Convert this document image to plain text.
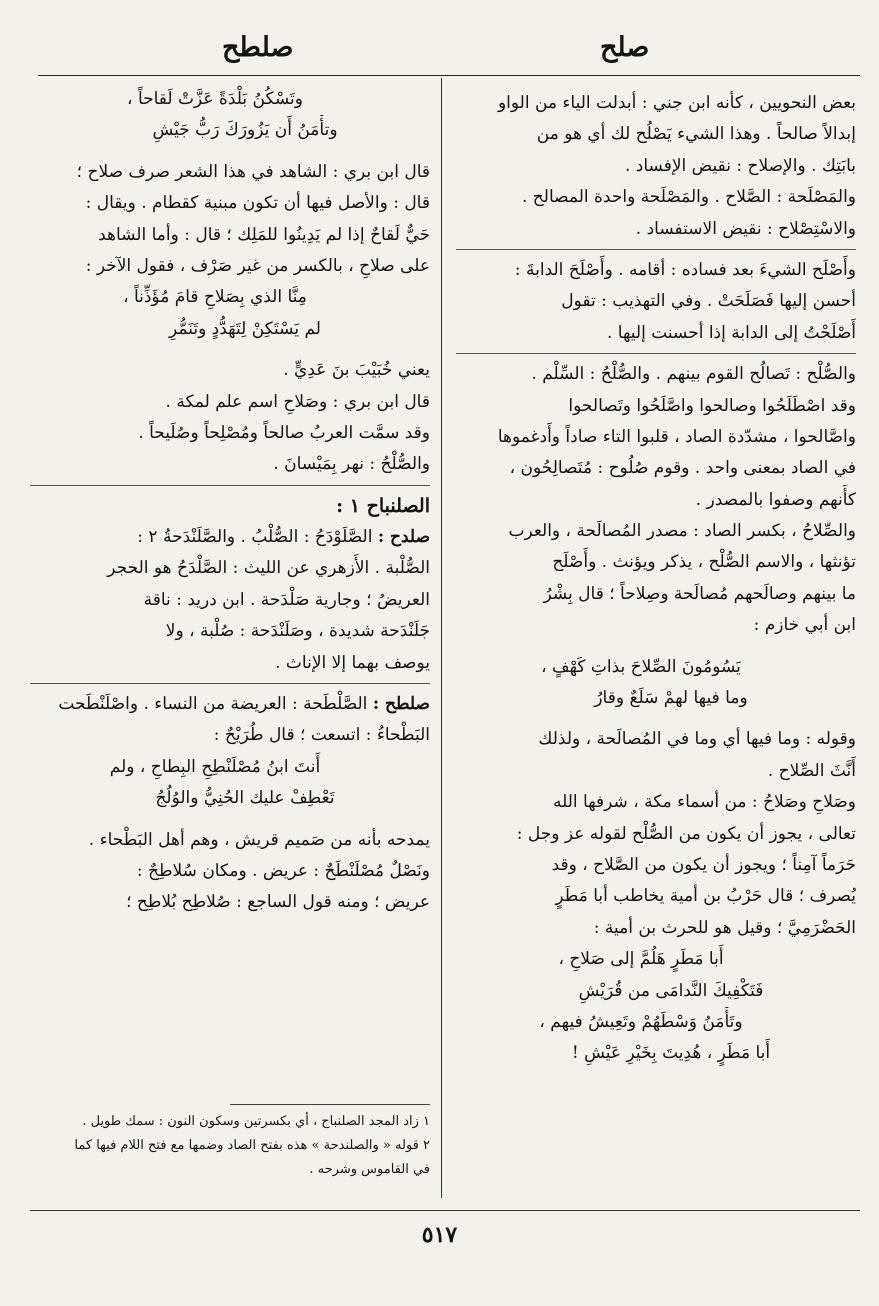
صلح
صلطح
بعض النحويين ، كأنه ابن جني : أبدلت الياء من الواو
إبدالاً صالحاً . وهذا الشيء يَصْلُح لك أي هو من
بابَتِك . والإصلاح : نقيض الإفساد .
والمَصْلَحة : الصَّلاح . والمَصْلَحة واحدة المصالح .
والاسْتِصْلاح : نقيض الاستفساد .
وأَصْلَح الشيءَ بعد فساده : أقامه . وأَصْلَحَ الدابةَ :
أحسن إليها فَصَلَحَتْ . وفي التهذيب : تقول
أَصْلَحْتُ إلى الدابة إذا أحسنت إليها .
والصُّلْح : تَصالُح القوم بينهم . والصُّلْحُ : السِّلْم .
وقد اصْطَلَحُوا وصالحوا واصَّلَحُوا وتَصالحوا
واصَّالحوا ، مشدّدة الصاد ، قلبوا التاء صاداً وأَدغموها
في الصاد بمعنى واحد . وقوم صُلُوح : مُتَصالِحُون ،
كأَنهم وصفوا بالمصدر .
والصِّلاحُ ، بكسر الصاد : مصدر المُصالَحة ، والعرب
تؤنثها ، والاسم الصُّلْح ، يذكر ويؤنث . وأَصْلَح
ما بينهم وصالَحهم مُصالَحة وصِلاحاً ؛ قال بِشْرُ
ابن أبي خازم :
يَسُومُونَ الصِّلاحَ بذاتِ كَهْفٍ ،
وما فيها لهمْ سَلَعٌ وقارُ
وقوله : وما فيها أي وما في المُصالَحة ، ولذلك
أَنَّثَ الصِّلاح .
وصَلاحِ وصَلاحُ : من أسماء مكة ، شرفها الله
تعالى ، يجوز أن يكون من الصُّلْح لقوله عز وجل :
حَرَماً آمِناً ؛ ويجوز أن يكون من الصَّلاح ، وقد
يُصرف ؛ قال حَرْبُ بن أمية يخاطب أبا مَطَرٍ
الحَضْرَمِيَّ ؛ وقيل هو للحرث بن أمية :
أَبا مَطَرٍ هَلُمَّ إلى صَلاحِ ،
فَتَكْفِيكَ النَّدامَى من قُرَيْشِ
وتَأْمَنُ وَسْطَهُمْ وتَعِيشُ فيهم ،
أَبا مَطَرٍ ، هُدِيتَ بِخَيْرِ عَيْشِ !
وتَسْكُنُ بَلْدَةً عَزَّتْ لَقاحاً ،
وتأْمَنُ أَن يَزُورَكَ رَبُّ جَيْشِ
قال ابن بري : الشاهد في هذا الشعر صرف صلاح ؛
قال : والأصل فيها أن تكون مبنية كقطام . ويقال :
حَيٌّ لَقاحٌ إذا لم يَدِينُوا للمَلِك ؛ قال : وأما الشاهد
على صلاحِ ، بالكسر من غير صَرْف ، فقول الآخر :
مِنَّا الذي بِصَلاحِ قامَ مُؤَذِّناً ،
لم يَسْتَكِنْ لِتَهَدُّدٍ وتَنَمُّرِ
يعني خُبَيْبَ بنَ عَدِيٍّ .
قال ابن بري : وصَلاحِ اسم علم لمكة .
وقد سمَّت العربُ صالحاً ومُصْلِحاً وصُلَيحاً .
والصُّلْحُ : نهر بِمَيْسانَ .
الصلنباح ١ :
صلدح : الصَّلَوْدَحُ : الصُّلْبُ . والصَّلَنْدَحةُ ٢ :
الصُّلْبة . الأَزهري عن الليث : الصَّلْدَحُ هو الحجر
العريضُ ؛ وجارية صَلْدَحة . ابن دريد : ناقة
جَلَنْدَحة شديدة ، وصَلَنْدَحة : صُلْبة ، ولا
يوصف بهما إلا الإناث .
صلطح : الصَّلْطَحة : العريضة من النساء . واصْلَنْطَحت
البَطْحاءُ : اتسعت ؛ قال طُرَيْحٌ :
أَنتَ ابنُ مُصْلَنْطِحِ البِطاحِ ، ولم
تَعْطِفْ عليك الحُنِيُّ والوُلُجُ
يمدحه بأنه من صَميم قريش ، وهم أهل البَطْحاء .
ونَصْلٌ مُصْلَنْطَحٌ : عريض . ومكان سُلاطِحٌ :
عريض ؛ ومنه قول الساجع : صُلاطِح بُلاطِح ؛
١ زاد المجد الصلنباح ، أي بكسرتين وسكون النون : سمك طويل .
٢ قوله « والصلندحة » هذه بفتح الصاد وضمها مع فتح اللام فيها كما
في القاموس وشرحه .
٥١٧
